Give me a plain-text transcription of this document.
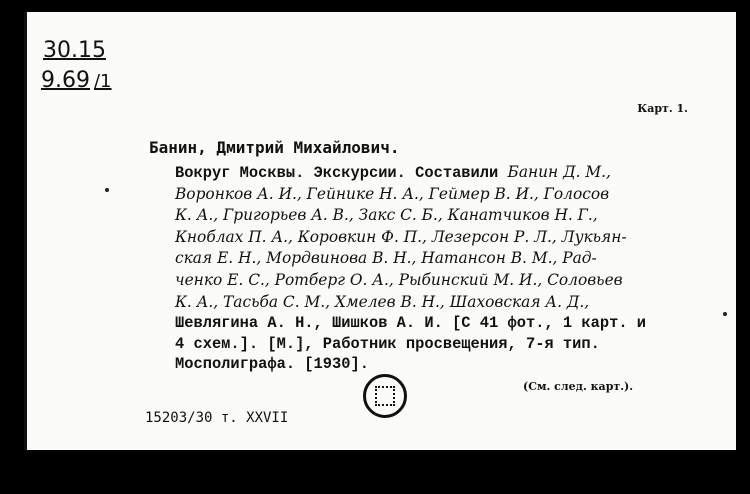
30.15
9.69 /1
Карт. 1.
Банин, Дмитрий Михайлович.
Вокруг Москвы. Экскурсии. Составили Банин Д. М.,
Воронков А. И., Гейнике Н. А., Геймер В. И., Голосов
К. А., Григорьев А. В., Закс С. Б., Канатчиков Н. Г.,
Кноблах П. А., Коровкин Ф. П., Лезерсон Р. Л., Лукьян-
ская Е. Н., Мордвинова В. Н., Натансон В. М., Рад-
ченко Е. С., Ротберг О. А., Рыбинский М. И., Соловьев
К. А., Тасьба С. М., Хмелев В. Н., Шаховская А. Д.,
Шевлягина А. Н., Шишков А. И. [С 41 фот., 1 карт. и
4 схем.]. [М.], Работник просвещения, 7-я тип.
Мосполиграфа. [1930].
(См. след. карт.).
15203/30 т. XXVII
